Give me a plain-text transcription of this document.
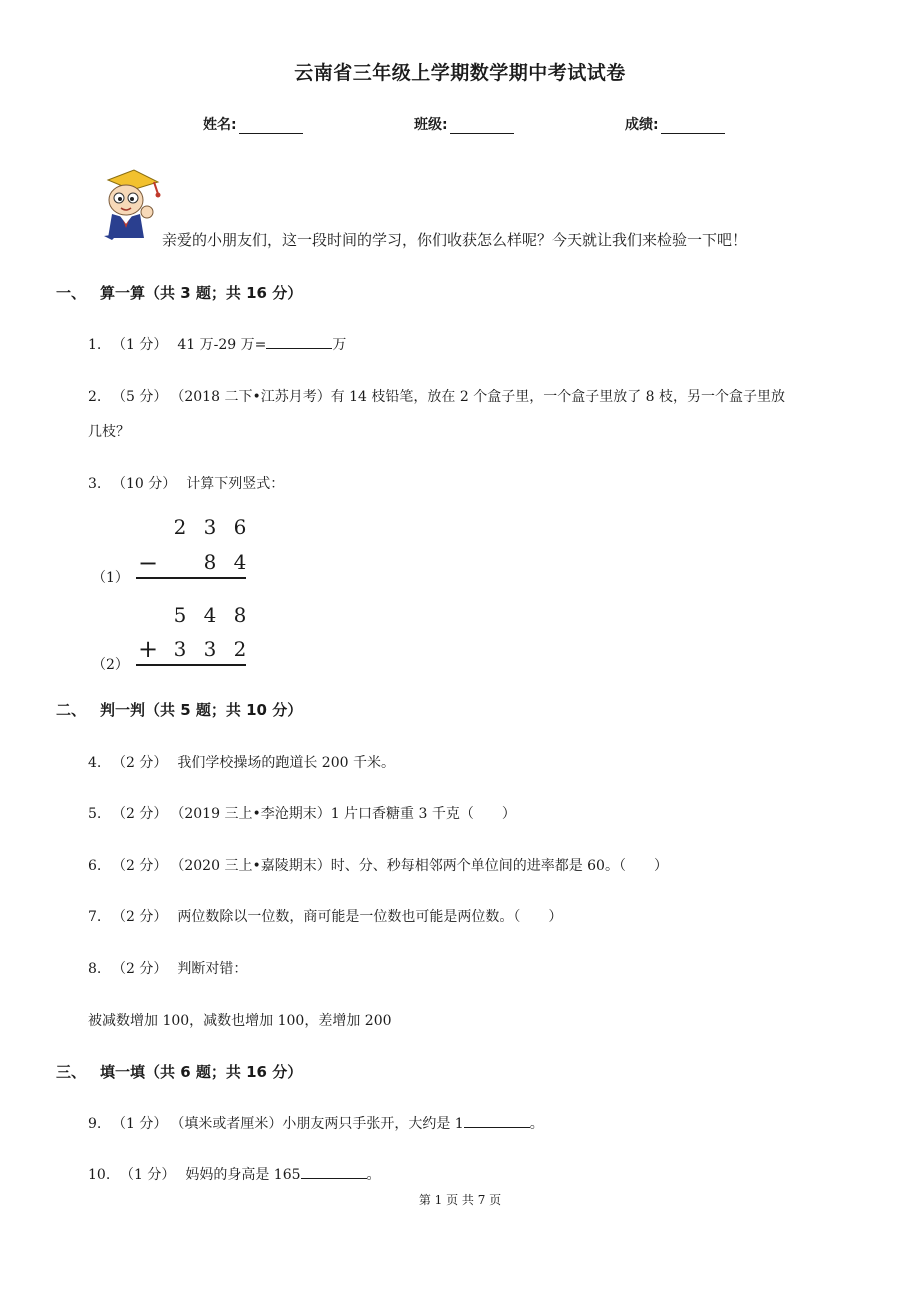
云南省三年级上学期数学期中考试试卷
姓名:	班级:	成绩:
亲爱的小朋友们，这一段时间的学习，你们收获怎么样呢？今天就让我们来检验一下吧！
一、 算一算（共 3 题；共 16 分）
1. （1 分） 41 万-29 万=	万
2. （5 分） （2018 二下•江苏月考）有 14 枝铅笔，放在 2 个盒子里，一个盒子里放了 8 枝，另一个盒子里放
几枝？
3. （10 分） 计算下列竖式：
（1）
2 3 6
−	8 4
（2）
5 4 8
+ 3 3 2
二、 判一判（共 5 题；共 10 分）
4. （2 分） 我们学校操场的跑道长 200 千米。
5. （2 分） （2019 三上•李沧期末）1 片口香糖重 3 千克（　　）
6. （2 分） （2020 三上•嘉陵期末）时、分、秒每相邻两个单位间的进率都是 60。（　　）
7. （2 分） 两位数除以一位数，商可能是一位数也可能是两位数。（　　）
8. （2 分） 判断对错：
被减数增加 100，减数也增加 100，差增加 200
三、 填一填（共 6 题；共 16 分）
9. （1 分） （填米或者厘米）小朋友两只手张开，大约是 1	。
10. （1 分） 妈妈的身高是 165	。
第 1 页 共 7 页
